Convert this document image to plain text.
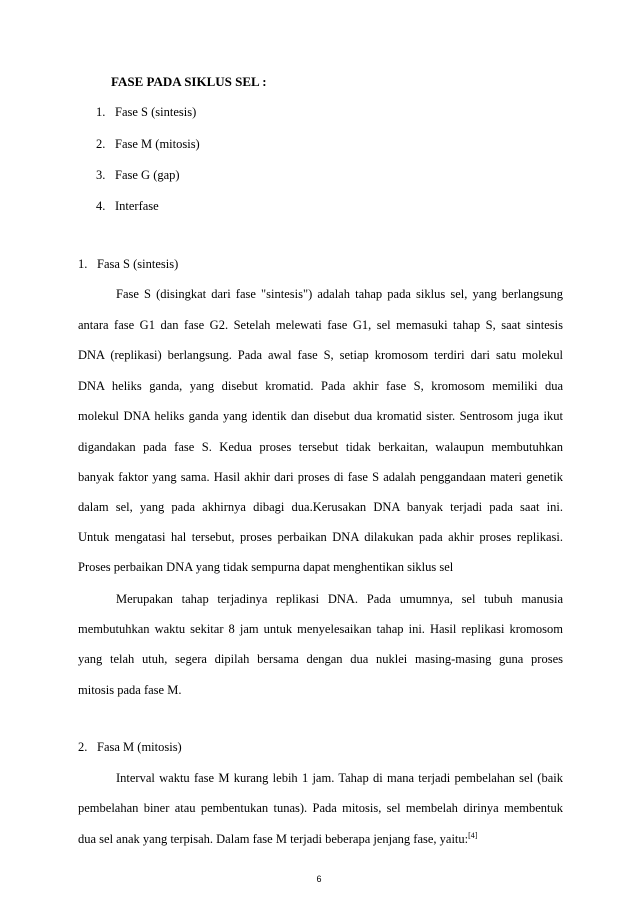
FASE PADA SIKLUS SEL :
1. Fase S (sintesis)
2. Fase M (mitosis)
3. Fase G (gap)
4. Interfase
1. Fasa S (sintesis)
Fase S (disingkat dari fase "sintesis") adalah tahap pada siklus sel, yang berlangsung
antara fase G1 dan fase G2. Setelah melewati fase G1, sel memasuki tahap S, saat sintesis
DNA (replikasi) berlangsung. Pada awal fase S, setiap kromosom terdiri dari satu molekul
DNA heliks ganda, yang disebut kromatid. Pada akhir fase S, kromosom memiliki dua
molekul DNA heliks ganda yang identik dan disebut dua kromatid sister. Sentrosom juga ikut
digandakan pada fase S. Kedua proses tersebut tidak berkaitan, walaupun membutuhkan
banyak faktor yang sama. Hasil akhir dari proses di fase S adalah penggandaan materi genetik
dalam sel, yang pada akhirnya dibagi dua.Kerusakan DNA banyak terjadi pada saat ini.
Untuk mengatasi hal tersebut, proses perbaikan DNA dilakukan pada akhir proses replikasi.
Proses perbaikan DNA yang tidak sempurna dapat menghentikan siklus sel
Merupakan tahap terjadinya replikasi DNA. Pada umumnya, sel tubuh manusia
membutuhkan waktu sekitar 8 jam untuk menyelesaikan tahap ini. Hasil replikasi kromosom
yang telah utuh, segera dipilah bersama dengan dua nuklei masing-masing guna proses
mitosis pada fase M.
2. Fasa M (mitosis)
Interval waktu fase M kurang lebih 1 jam. Tahap di mana terjadi pembelahan sel (baik
pembelahan biner atau pembentukan tunas). Pada mitosis, sel membelah dirinya membentuk
dua sel anak yang terpisah. Dalam fase M terjadi beberapa jenjang fase, yaitu:[4]
6
